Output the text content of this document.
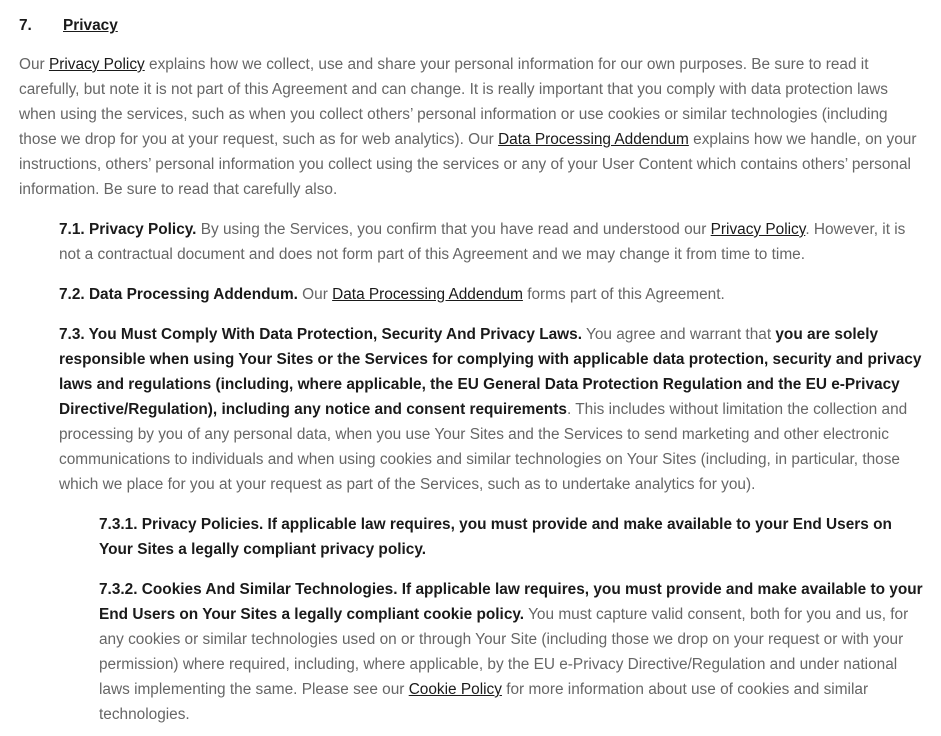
7.	Privacy

Our Privacy Policy explains how we collect, use and share your personal information for our own purposes. Be sure to read it carefully, but note it is not part of this Agreement and can change. It is really important that you comply with data protection laws when using the services, such as when you collect others’ personal information or use cookies or similar technologies (including those we drop for you at your request, such as for web analytics). Our Data Processing Addendum explains how we handle, on your instructions, others’ personal information you collect using the services or any of your User Content which contains others’ personal information. Be sure to read that carefully also.

7.1. Privacy Policy. By using the Services, you confirm that you have read and understood our Privacy Policy. However, it is not a contractual document and does not form part of this Agreement and we may change it from time to time.

7.2. Data Processing Addendum. Our Data Processing Addendum forms part of this Agreement.

7.3. You Must Comply With Data Protection, Security And Privacy Laws. You agree and warrant that you are solely responsible when using Your Sites or the Services for complying with applicable data protection, security and privacy laws and regulations (including, where applicable, the EU General Data Protection Regulation and the EU e-Privacy Directive/Regulation), including any notice and consent requirements. This includes without limitation the collection and processing by you of any personal data, when you use Your Sites and the Services to send marketing and other electronic communications to individuals and when using cookies and similar technologies on Your Sites (including, in particular, those which we place for you at your request as part of the Services, such as to undertake analytics for you).

7.3.1. Privacy Policies. If applicable law requires, you must provide and make available to your End Users on Your Sites a legally compliant privacy policy.

7.3.2. Cookies And Similar Technologies. If applicable law requires, you must provide and make available to your End Users on Your Sites a legally compliant cookie policy. You must capture valid consent, both for you and us, for any cookies or similar technologies used on or through Your Site (including those we drop on your request or with your permission) where required, including, where applicable, by the EU e-Privacy Directive/Regulation and under national laws implementing the same. Please see our Cookie Policy for more information about use of cookies and similar technologies.
